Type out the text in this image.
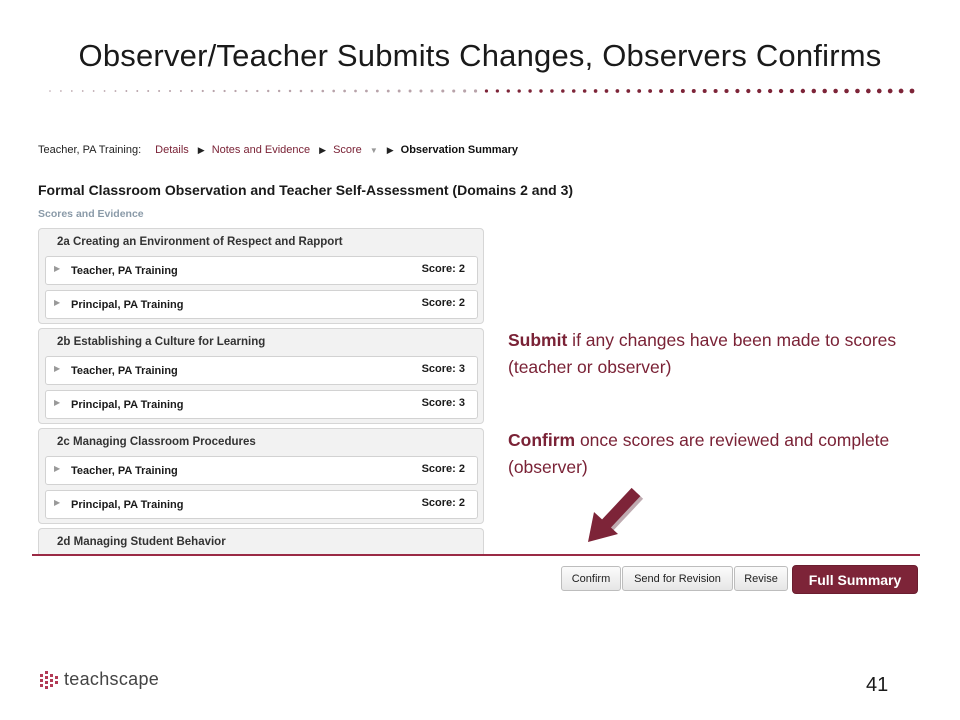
Observer/Teacher Submits Changes, Observers Confirms
Teacher, PA Training: Details ▶ Notes and Evidence ▶ Score ▼ ▶ Observation Summary
Formal Classroom Observation and Teacher Self-Assessment (Domains 2 and 3)
Scores and Evidence
2a Creating an Environment of Respect and Rapport
▶ Teacher, PA Training	Score: 2
▶ Principal, PA Training	Score: 2
2b Establishing a Culture for Learning
▶ Teacher, PA Training	Score: 3
▶ Principal, PA Training	Score: 3
2c Managing Classroom Procedures
▶ Teacher, PA Training	Score: 2
▶ Principal, PA Training	Score: 2
2d Managing Student Behavior
Confirm	Send for Revision	Revise	Full Summary
Submit if any changes have been made to scores (teacher or observer)
Confirm once scores are reviewed and complete (observer)
teachscape	41
